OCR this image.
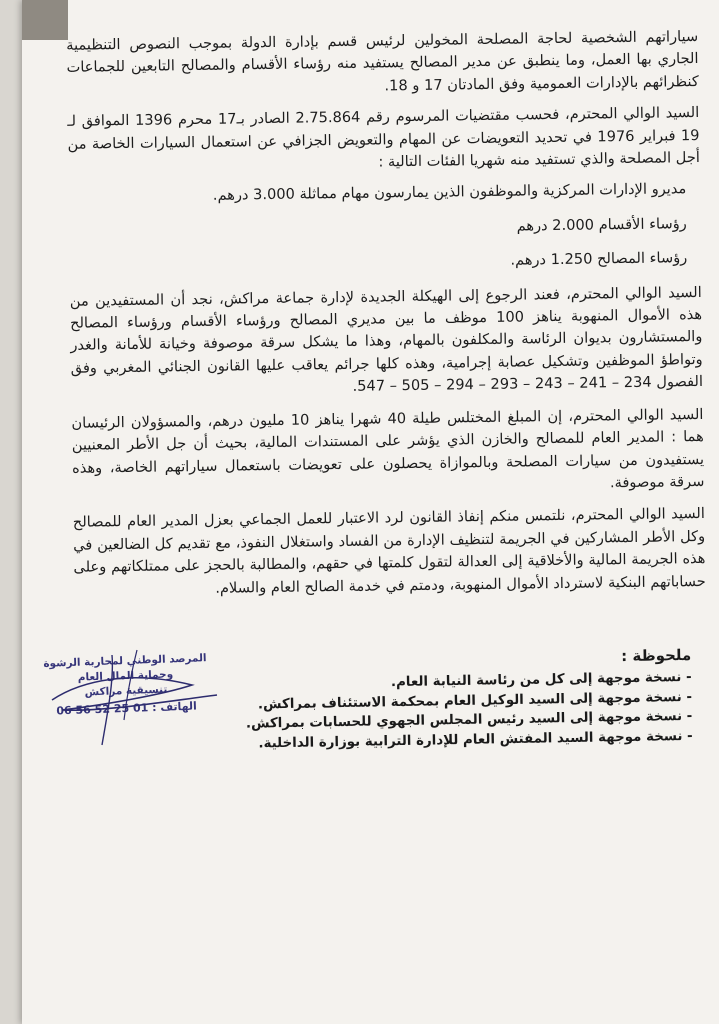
سياراتهم الشخصية لحاجة المصلحة المخولين لرئيس قسم بإدارة الدولة بموجب النصوص التنظيمية الجاري بها العمل، وما ينطبق عن مدير المصالح يستفيد منه رؤساء الأقسام والمصالح التابعين للجماعات كنظرائهم بالإدارات العمومية وفق المادتان 17 و 18.

السيد الوالي المحترم، فحسب مقتضيات المرسوم رقم 2.75.864 الصادر بـ17 محرم 1396 الموافق لـ 19 فبراير 1976 في تحديد التعويضات عن المهام والتعويض الجزافي عن استعمال السيارات الخاصة من أجل المصلحة والذي تستفيد منه شهريا الفئات التالية :

مديرو الإدارات المركزية والموظفون الذين يمارسون مهام مماثلة 3.000 درهم.

رؤساء الأقسام 2.000 درهم

رؤساء المصالح 1.250 درهم.

السيد الوالي المحترم، فعند الرجوع إلى الهيكلة الجديدة لإدارة جماعة مراكش، نجد أن المستفيدين من هذه الأموال المنهوبة يناهز 100 موظف ما بين مديري المصالح ورؤساء الأقسام ورؤساء المصالح والمستشارون بديوان الرئاسة والمكلفون بالمهام، وهذا ما يشكل سرقة موصوفة وخيانة للأمانة والغدر وتواطؤ الموظفين وتشكيل عصابة إجرامية، وهذه كلها جرائم يعاقب عليها القانون الجنائي المغربي وفق الفصول 234 – 241 – 243 – 293 – 294 – 505 – 547.

السيد الوالي المحترم، إن المبلغ المختلس طيلة 40 شهرا يناهز 10 مليون درهم، والمسؤولان الرئيسان هما : المدير العام للمصالح والخازن الذي يؤشر على المستندات المالية، بحيث أن جل الأطر المعنيين يستفيدون من سيارات المصلحة وبالموازاة يحصلون على تعويضات باستعمال سياراتهم الخاصة، وهذه سرقة موصوفة.

السيد الوالي المحترم، نلتمس منكم إنفاذ القانون لرد الاعتبار للعمل الجماعي بعزل المدير العام للمصالح وكل الأطر المشاركين في الجريمة لتنظيف الإدارة من الفساد واستغلال النفوذ، مع تقديم كل الضالعين في هذه الجريمة المالية والأخلاقية إلى العدالة لتقول كلمتها في حقهم، والمطالبة بالحجز على ممتلكاتهم وعلى حساباتهم البنكية لاسترداد الأموال المنهوبة، ودمتم في خدمة الصالح العام والسلام.

ملحوظة :
- نسخة موجهة إلى كل من رئاسة النيابة العام.
- نسخة موجهة إلى السيد الوكيل العام بمحكمة الاستئناف بمراكش.
- نسخة موجهة إلى السيد رئيس المجلس الجهوي للحسابات بمراكش.
- نسخة موجهة السيد المفتش العام للإدارة الترابية بوزارة الداخلية.
المرصد الوطني لمحاربة الرشوة
وحماية المال العام
تنسيقية مراكش
الهاتف : 01 25 52 56 06
